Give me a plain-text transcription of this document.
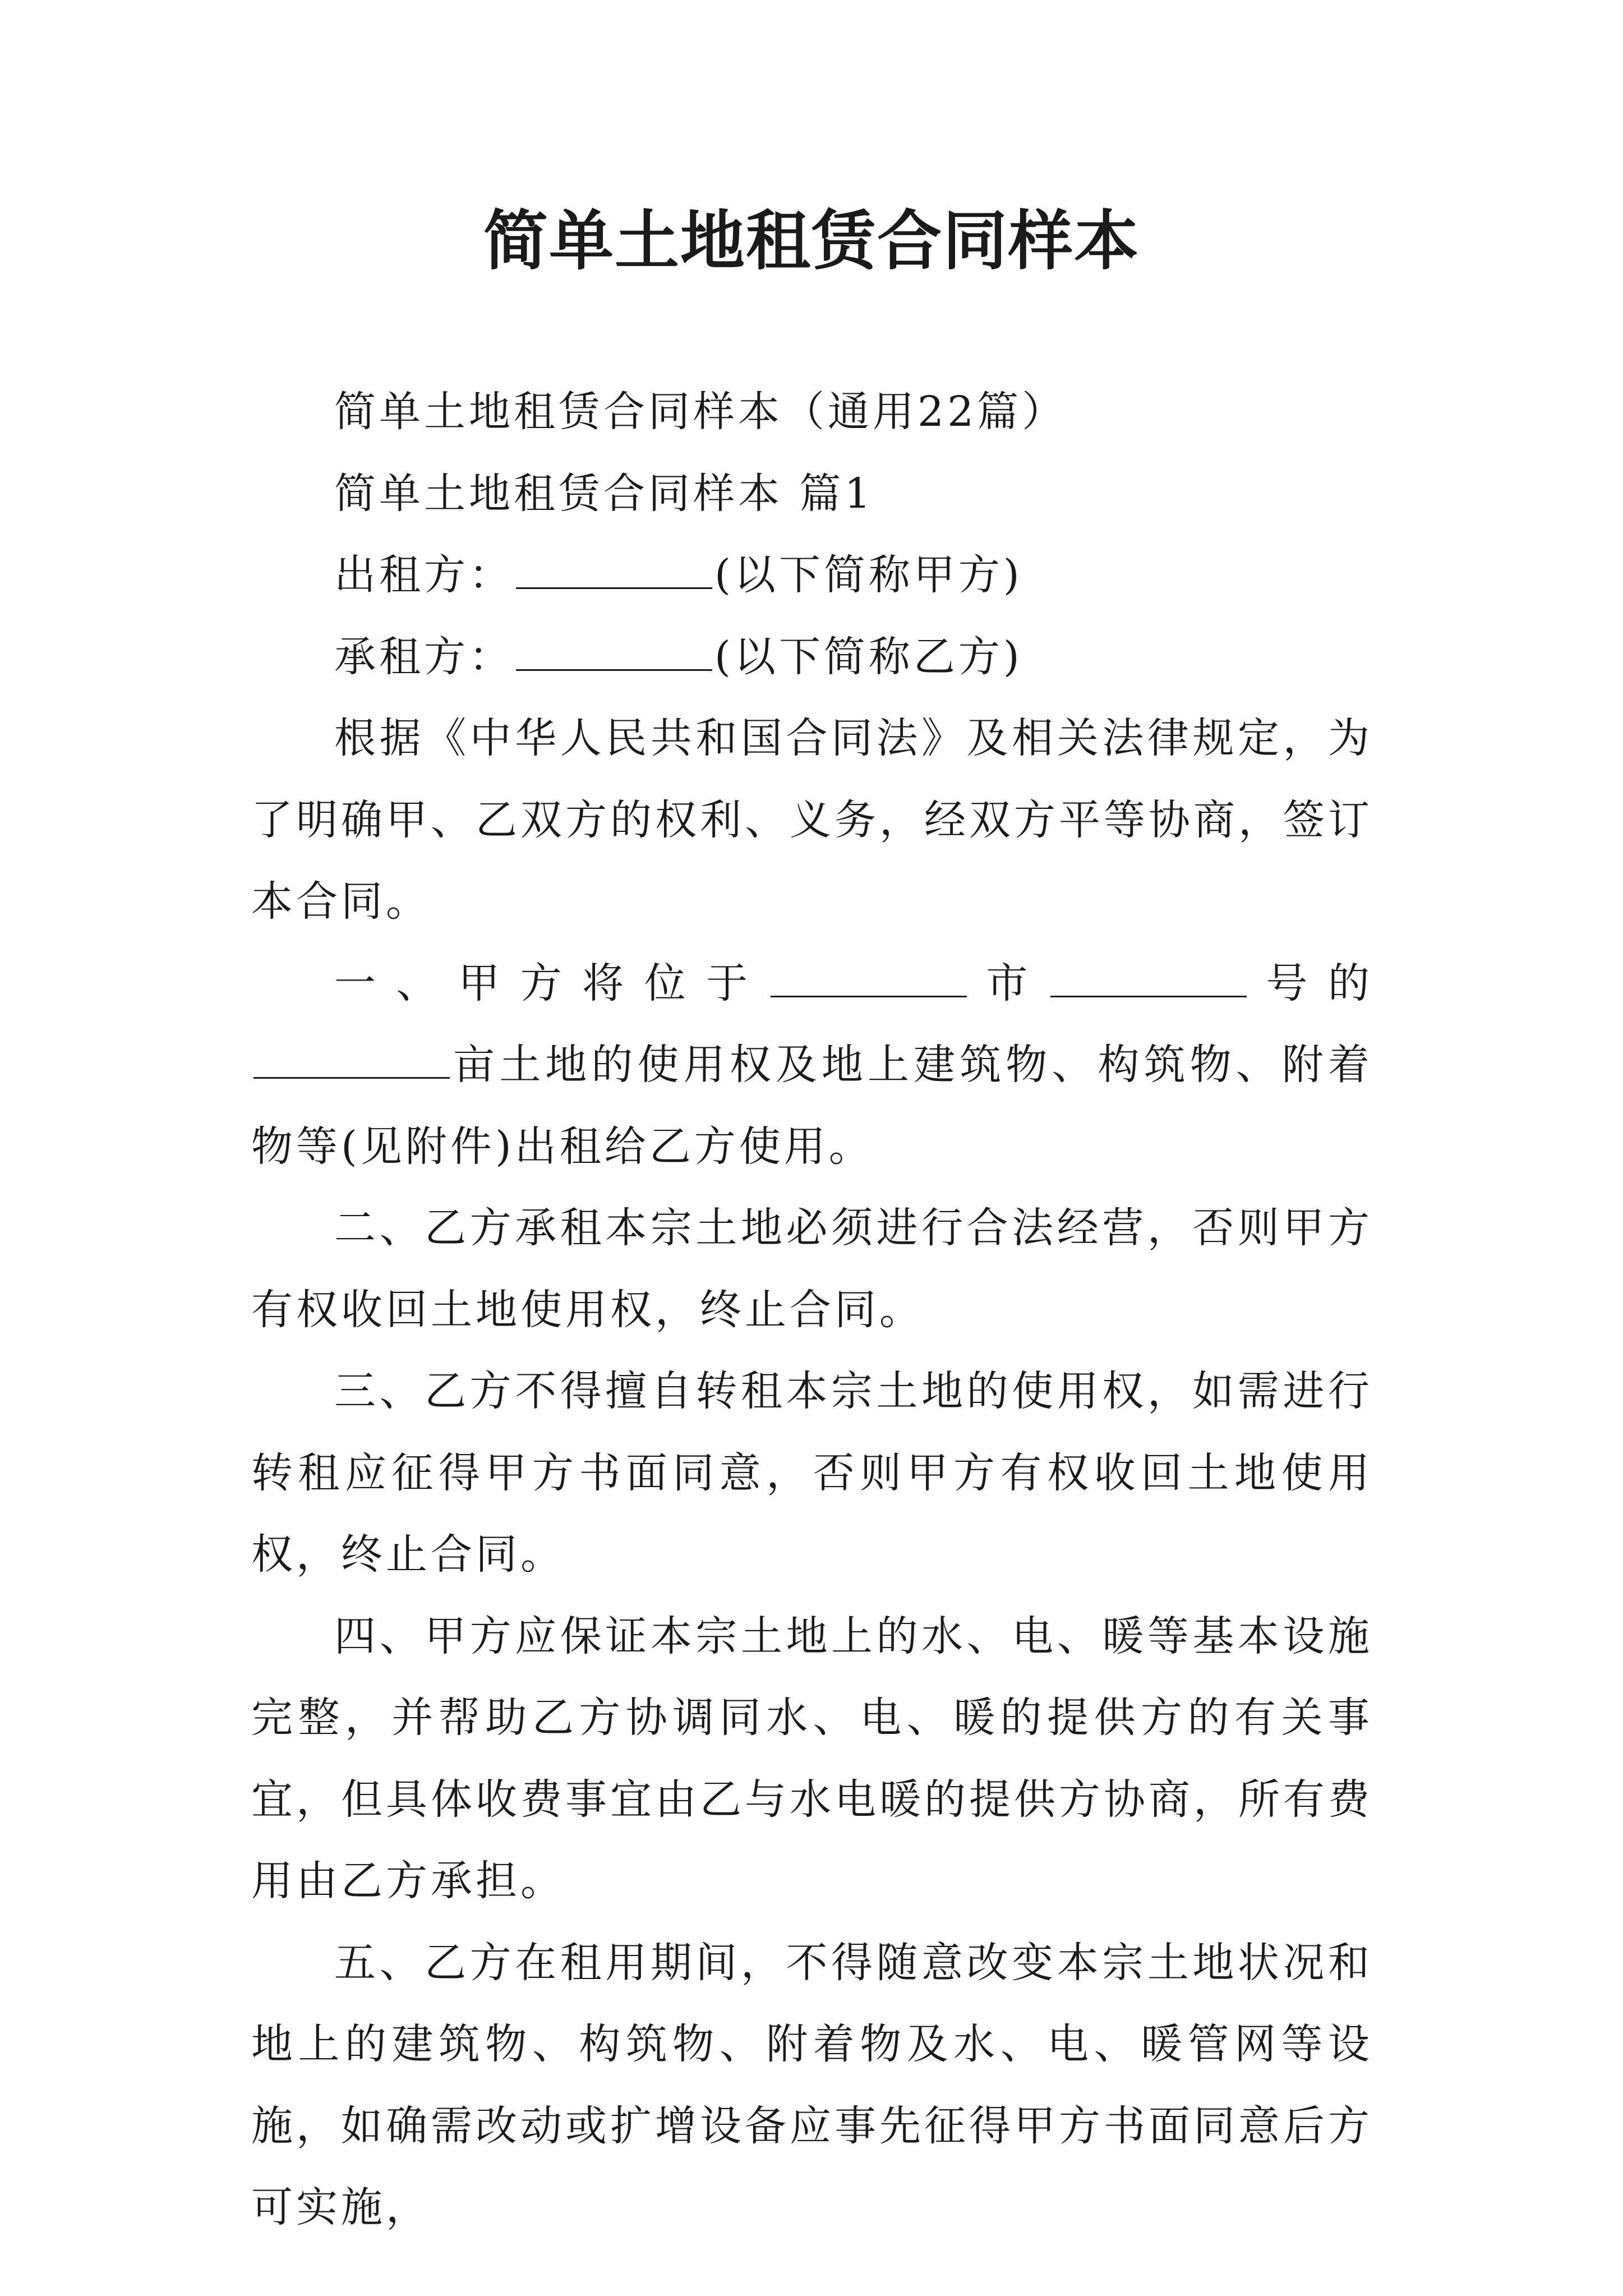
简单土地租赁合同样本

简单土地租赁合同样本（通用22篇）

简单土地租赁合同样本 篇1

出租方：	(以下简称甲方)

承租方：	(以下简称乙方)

根据《中华人民共和国合同法》及相关法律规定，为了明确甲、乙双方的权利、义务，经双方平等协商，签订本合同。

一、甲方将位于	市	号的亩土地的使用权及地上建筑物、构筑物、附着物等(见附件)出租给乙方使用。

二、乙方承租本宗土地必须进行合法经营，否则甲方有权收回土地使用权，终止合同。

三、乙方不得擅自转租本宗土地的使用权，如需进行转租应征得甲方书面同意，否则甲方有权收回土地使用权，终止合同。

四、甲方应保证本宗土地上的水、电、暖等基本设施完整，并帮助乙方协调同水、电、暖的提供方的有关事宜，但具体收费事宜由乙与水电暖的提供方协商，所有费用由乙方承担。

五、乙方在租用期间，不得随意改变本宗土地状况和地上的建筑物、构筑物、附着物及水、电、暖管网等设施，如确需改动或扩增设备应事先征得甲方书面同意后方可实施，
